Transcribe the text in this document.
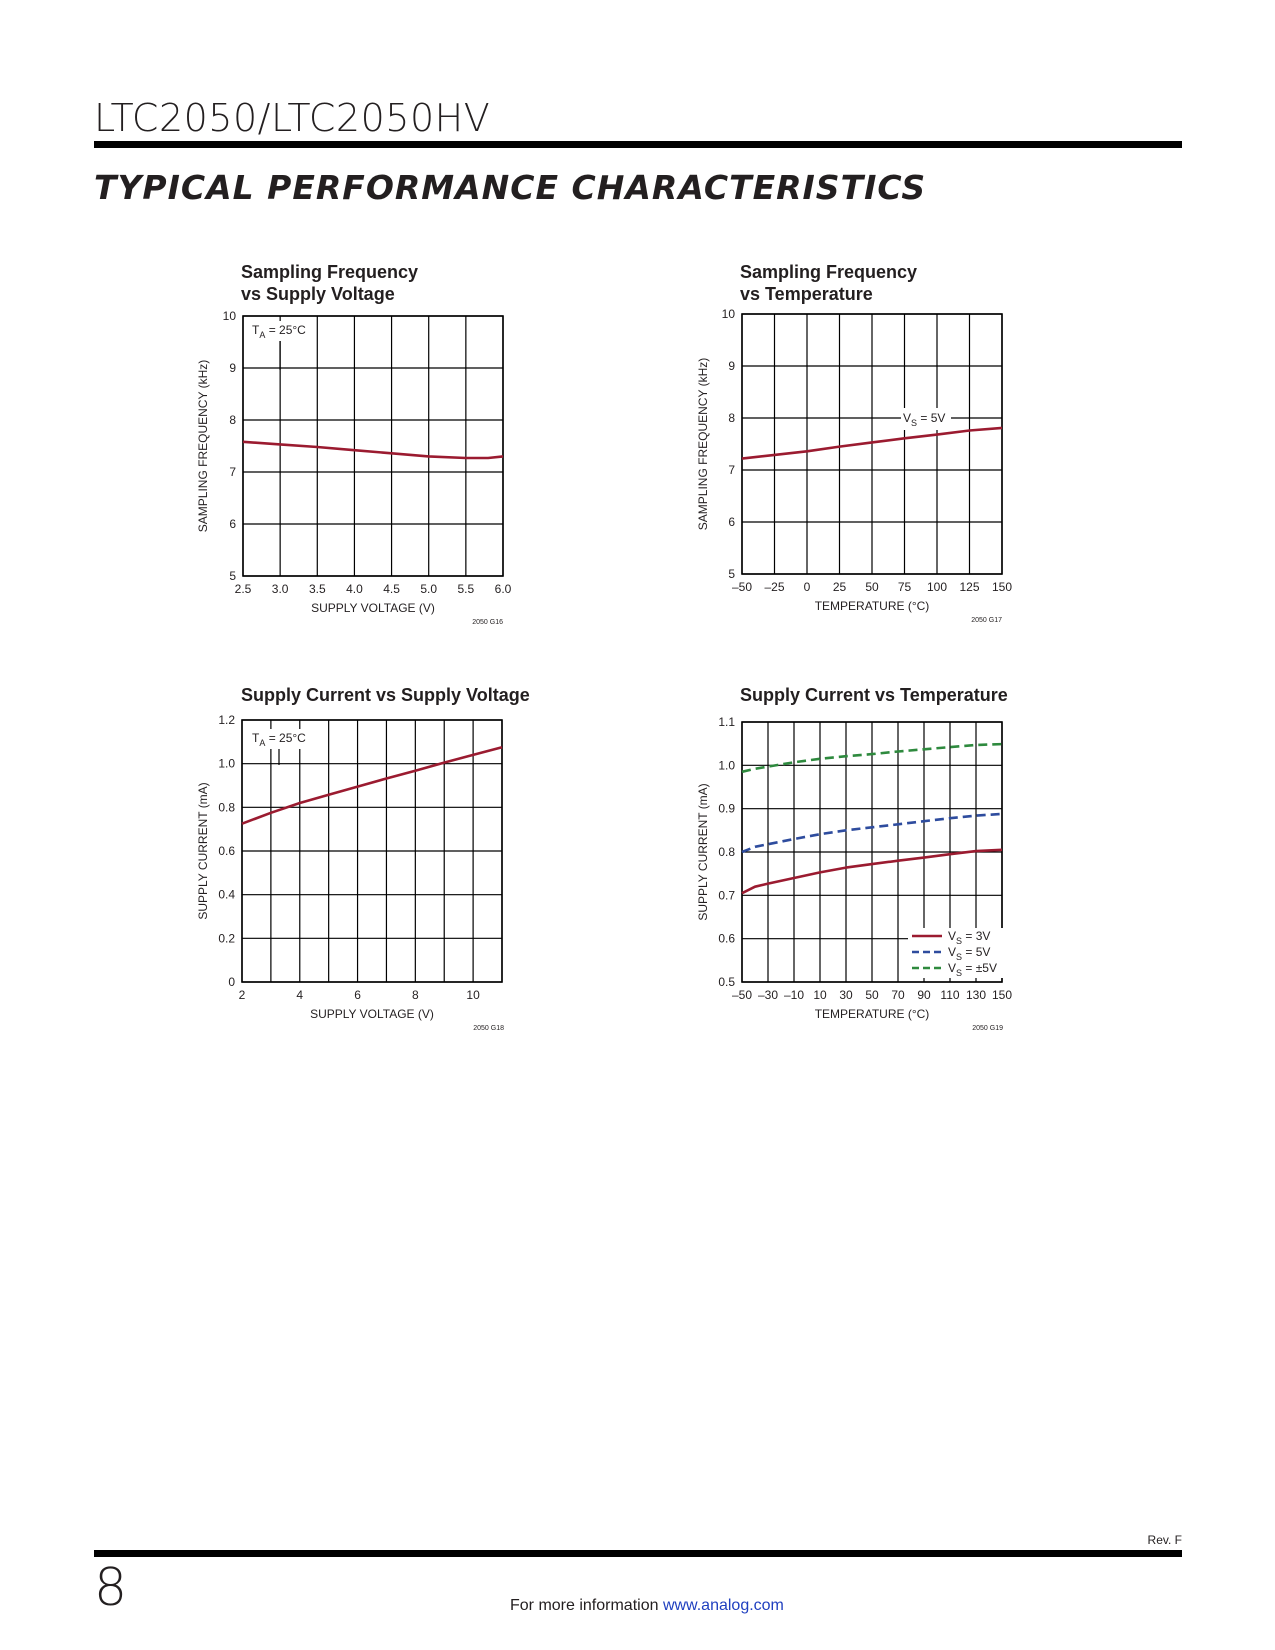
LTC2050/LTC2050HV
TYPICAL PERFORMANCE CHARACTERISTICS
Sampling Frequency
vs Supply Voltage
2.5 3.0 3.5 4.0 4.5 5.0 5.5 6.0
5
6
7
8
9
10
SUPPLY VOLTAGE (V)
SAMPLING FREQUENCY (kHz)
2050 G16
$T_A = 25^\circ C$
Sampling Frequency
vs Temperature
–50 –25 0 25 50 75 100 125 150
5
6
7
8
9
10
TEMPERATURE (°C)
SAMPLING FREQUENCY (kHz)
2050 G17
$V_S = 5V$
Supply Current vs Supply Voltage
2	4	6	8	10
0
0.2
0.4
0.6
0.8
1.0
1.2
SUPPLY VOLTAGE (V)
SUPPLY CURRENT (mA)
2050 G18
$T_A = 25^\circ C$
Supply Current vs Temperature
–50 –30 –10 10 30 50 70 90 110 130 150
0.5
0.6
0.7
0.8
0.9
1.0
1.1
TEMPERATURE (°C)
SUPPLY CURRENT (mA)
2050 G19
$V_S = 3V$
$V_S = 5V$
$V_S = \pm 5V$
Rev. F
8	For more information www.analog.com
